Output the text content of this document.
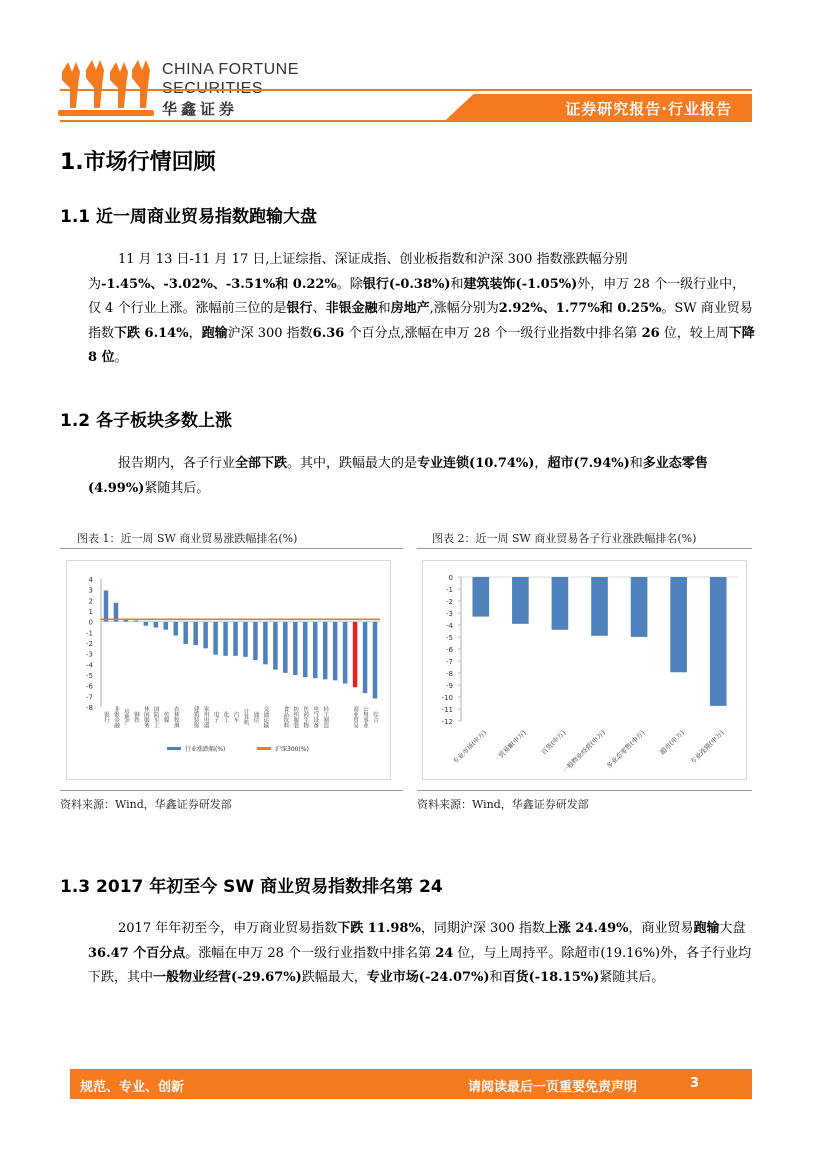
CHINA FORTUNE
华鑫证券	证券研究报告·行业报告
1.市场行情回顾
1.1 近一周商业贸易指数跑输大盘
11 月 13 日-11 月 17 日,上证综指、深证成指、创业板指数和沪深 300 指数涨跌幅分别为-1.45%、-3.02%、-3.51%和 0.22%。除银行(-0.38%)和建筑装饰(-1.05%)外，申万 28 个一级行业中，仅 4 个行业上涨。涨幅前三位的是银行、非银金融和房地产,涨幅分别为2.92%、1.77%和 0.25%。SW 商业贸易指数下跌 6.14%，跑输沪深 300 指数6.36 个百分点,涨幅在申万 28 个一级行业指数中排名第 26 位，较上周下降 8 位。
1.2 各子板块多数上涨
报告期内，各子行业全部下跌。其中，跌幅最大的是专业连锁(10.74%)，超市(7.94%)和多业态零售(4.99%)紧随其后。
图表 1：近一周 SW 商业贸易涨跌幅排名(%)
4
3
2
1
0
-1
-2
-3
-4
-5
-6
-7
-8
银行 非银金融 房地产 钢铁 休闲服务 国防军工 传媒 农林牧渔	建筑装饰 家用电器 电子 化工 汽车 计算机 通信 交通运输	食品饮料 纺织服装 医药生物 电气设备 轻工制造	商业贸易 公用事业 综合
行业涨跌幅(%)	沪深300(%)
资料来源：Wind，华鑫证券研发部
图表 2：近一周 SW 商业贸易各子行业涨跌幅排名(%)
0
-1
-2
-3
-4
-5
-6
-7
-8
-9
-10
-11
-12
专业市场(申万) 贸易Ⅲ(申万) 百货(申万)
一般物业经营(申万)
多业态零售(申万) 超市(申万) 专业连锁(申万)
资料来源：Wind，华鑫证券研发部
1.3 2017 年初至今 SW 商业贸易指数排名第 24
2017 年年初至今，申万商业贸易指数下跌 11.98%，同期沪深 300 指数上涨 24.49%，商业贸易跑输大盘 36.47 个百分点。涨幅在申万 28 个一级行业指数中排名第 24 位，与上周持平。除超市(19.16%)外，各子行业均下跌，其中一般物业经营(-29.67%)跌幅最大，专业市场(-24.07%)和百货(-18.15%)紧随其后。
规范、专业、创新	请阅读最后一页重要免责声明	3
